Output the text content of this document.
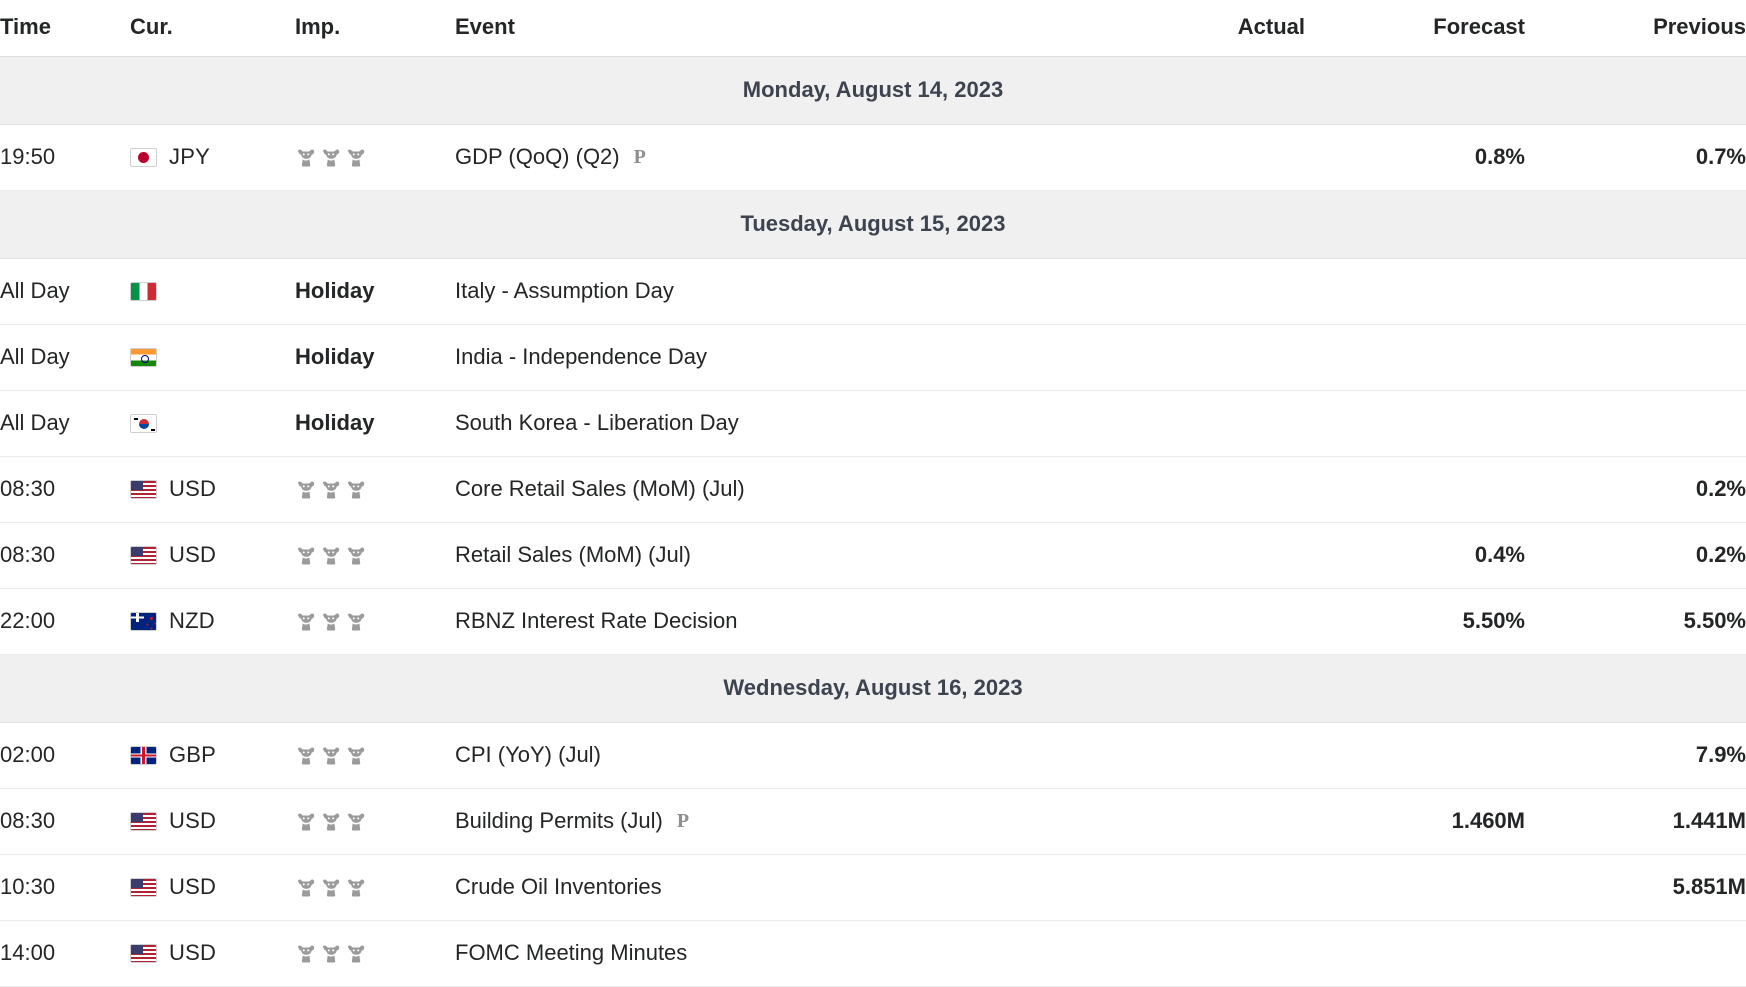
Time	Cur.	Imp.	Event	Actual	Forecast	Previous
Monday, August 14, 2023						
19:50	JPY		GDP (QoQ) (Q2) P		0.8%	0.7%
Tuesday, August 15, 2023						
All Day		Holiday	Italy - Assumption Day			
All Day		Holiday	India - Independence Day			
All Day		Holiday	South Korea - Liberation Day			
08:30	USD		Core Retail Sales (MoM) (Jul)			0.2%
08:30	USD		Retail Sales (MoM) (Jul)		0.4%	0.2%
22:00	NZD		RBNZ Interest Rate Decision		5.50%	5.50%
Wednesday, August 16, 2023						
02:00	GBP		CPI (YoY) (Jul)			7.9%
08:30	USD		Building Permits (Jul) P		1.460M	1.441M
10:30	USD		Crude Oil Inventories			5.851M
14:00	USD		FOMC Meeting Minutes			
